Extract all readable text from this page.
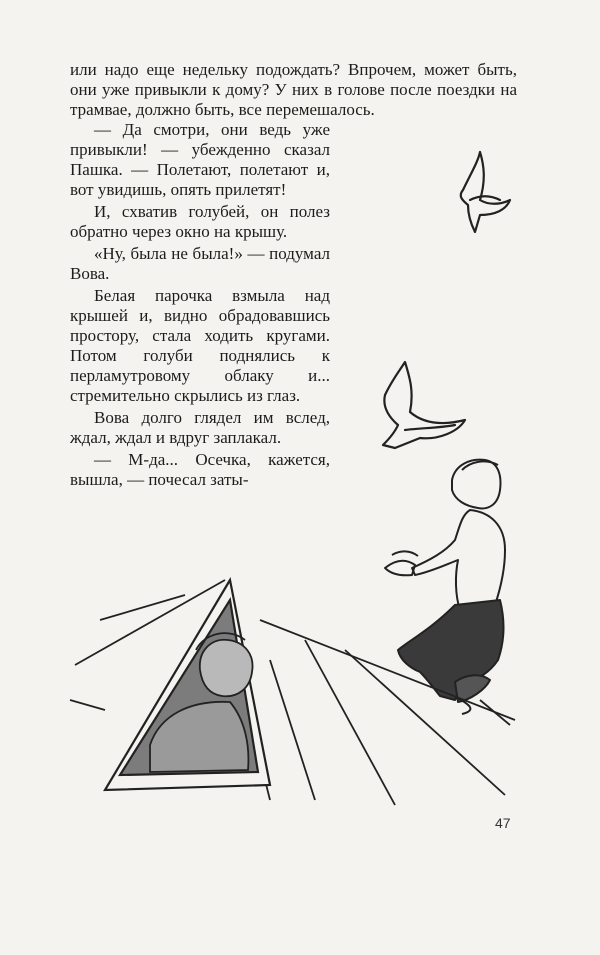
или надо еще недельку подождать? Впрочем, может быть, они уже привыкли к дому? У них в голове после поездки на трамвае, должно быть, все перемешалось.

— Да смотри, они ведь уже привыкли! — убежденно сказал Пашка. — Полетают, полетают и, вот увидишь, опять прилетят!

И, схватив голубей, он полез обратно через окно на крышу.

«Ну, была не была!» — подумал Вова.

Белая парочка взмыла над крышей и, видно обрадовавшись простору, стала ходить кругами. Потом голуби поднялись к перламутровому облаку и... стремительно скрылись из глаз.

Вова долго глядел им вслед, ждал, ждал и вдруг заплакал.

— М-да... Осечка, кажется, вышла, — почесал заты-

47
